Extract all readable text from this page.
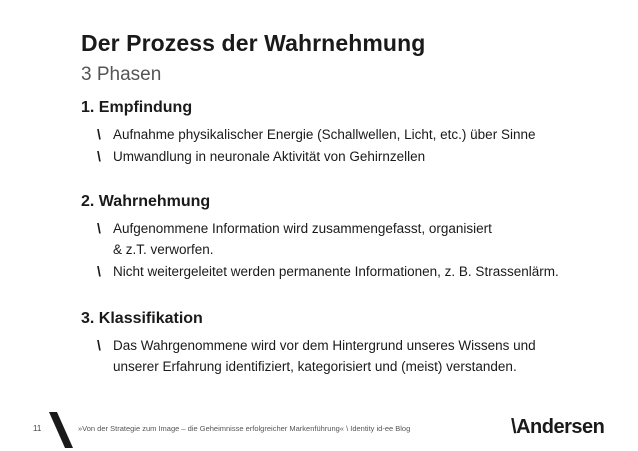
Der Prozess der Wahrnehmung
3 Phasen
1. Empfindung
\ Aufnahme physikalischer Energie (Schallwellen, Licht, etc.) über Sinne
\ Umwandlung in neuronale Aktivität von Gehirnzellen
2. Wahrnehmung
\ Aufgenommene Information wird zusammengefasst, organisiert
& z.T. verworfen.
\ Nicht weitergeleitet werden permanente Informationen, z. B. Strassenlärm.
3. Klassifikation
\ Das Wahrgenommene wird vor dem Hintergrund unseres Wissens und
unserer Erfahrung identifiziert, kategorisiert und (meist) verstanden.
11	»Von der Strategie zum Image – die Geheimnisse erfolgreicher Markenführung« \ Identity id-ee Blog	\Andersen
